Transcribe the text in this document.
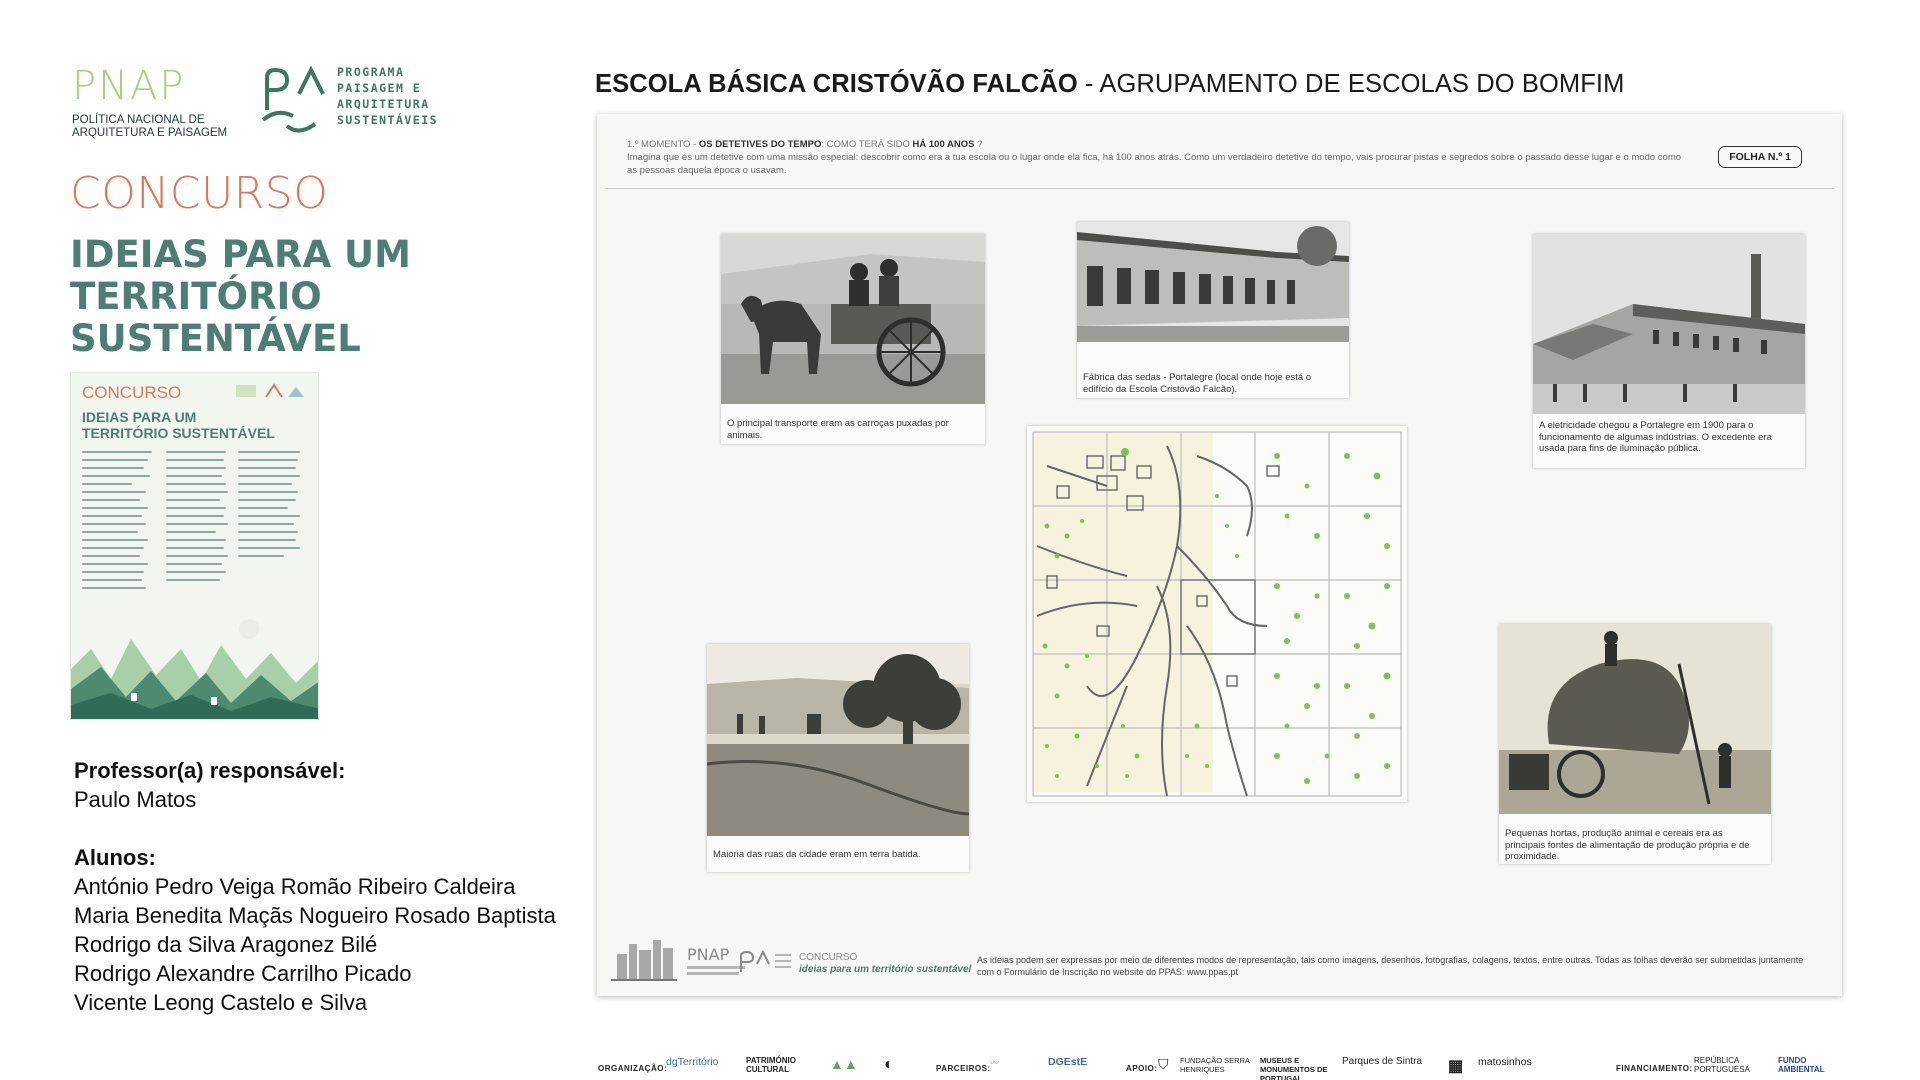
PNAP
POLÍTICA NACIONAL DE
ARQUITETURA E PAISAGEM
PROGRAMA
PAISAGEM E
ARQUITETURA
SUSTENTÁVEIS
CONCURSO
IDEIAS PARA UM
TERRITÓRIO
SUSTENTÁVEL
CONCURSO
IDEIAS PARA UM
TERRITÓRIO SUSTENTÁVEL
Professor(a) responsável:
Paulo Matos
Alunos:
António Pedro Veiga Romão Ribeiro Caldeira
Maria Benedita Maçãs Nogueiro Rosado Baptista
Rodrigo da Silva Aragonez Bilé
Rodrigo Alexandre Carrilho Picado
Vicente Leong Castelo e Silva
ESCOLA BÁSICA CRISTÓVÃO FALCÃO - AGRUPAMENTO DE ESCOLAS DO BOMFIM
1.º MOMENTO - OS DETETIVES DO TEMPO: COMO TERÁ SIDO HÁ 100 ANOS ?
Imagina que és um detetive com uma missão especial: descobrir como era a tua escola ou o lugar onde ela fica, há 100 anos atrás. Como um verdadeiro detetive do tempo, vais procurar pistas e segredos sobre o passado desse lugar e o modo como as pessoas daquela época o usavam.
FOLHA N.º 1
O principal transporte eram as carroças puxadas por animais.
Fábrica das sedas - Portalegre (local onde hoje está o edifício da Escola Cristóvão Falcão).
A eletricidade chegou a Portalegre em 1900 para o funcionamento de algumas indústrias. O excedente era usada para fins de iluminação pública.
Maioria das ruas da cidade eram em terra batida.
Pequenas hortas, produção animal e cereais era as principais fontes de alimentação de produção própria e de proximidade.
PNAP	CONCURSO
ideias para um território sustentável
As ideias podem ser expressas por meio de diferentes modos de representação, tais como imagens, desenhos, fotografias, colagens, textos, entre outras. Todas as folhas deverão ser submetidas juntamente com o Formulário de Inscrição no website do PPAS: www.ppas.pt
ORGANIZAÇÃO:
dgTerritório	PATRIMÓNIO CULTURAL	▲▲ ◐	PARCEIROS:
〰	DGEstE
APOIO: ⛉ FUNDAÇÃO SERRA HENRIQUES
MUSEUS E MONUMENTOS DE PORTUGAL
Parques de Sintra ▦ matosinhos
FINANCIAMENTO:
REPÚBLICA PORTUGUESA
FUNDO AMBIENTAL
